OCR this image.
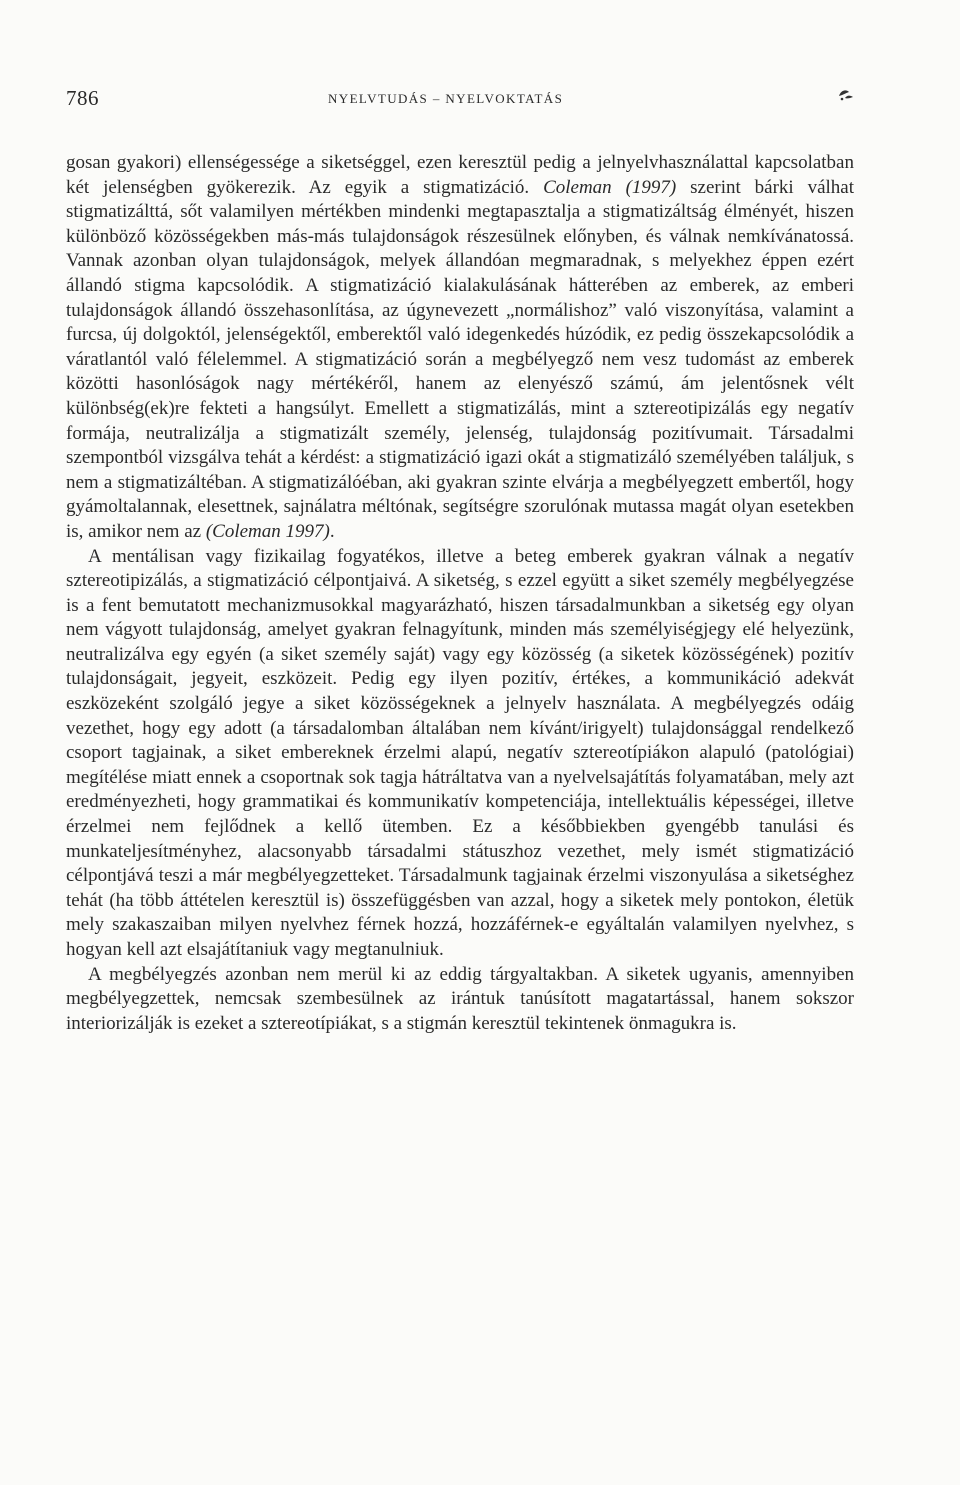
786	NYELVTUDÁS – NYELVOKTATÁS

gosan gyakori) ellenségessége a siketséggel, ezen keresztül pedig a jelnyelvhasználattal kapcsolatban két jelenségben gyökerezik. Az egyik a stigmatizáció. Coleman (1997) szerint bárki válhat stigmatizálttá, sőt valamilyen mértékben mindenki megtapasztalja a stigmatizáltság élményét, hiszen különböző közösségekben más-más tulajdonságok részesülnek előnyben, és válnak nemkívánatossá. Vannak azonban olyan tulajdonságok, melyek állandóan megmaradnak, s melyekhez éppen ezért állandó stigma kapcsolódik. A stigmatizáció kialakulásának hátterében az emberek, az emberi tulajdonságok állandó összehasonlítása, az úgynevezett „normálishoz” való viszonyítása, valamint a furcsa, új dolgoktól, jelenségektől, emberektől való idegenkedés húzódik, ez pedig összekapcsolódik a váratlantól való félelemmel. A stigmatizáció során a megbélyegző nem vesz tudomást az emberek közötti hasonlóságok nagy mértékéről, hanem az elenyésző számú, ám jelentősnek vélt különbség(ek)re fekteti a hangsúlyt. Emellett a stigmatizálás, mint a sztereotipizálás egy negatív formája, neutralizálja a stigmatizált személy, jelenség, tulajdonság pozitívumait. Társadalmi szempontból vizsgálva tehát a kérdést: a stigmatizáció igazi okát a stigmatizáló személyében találjuk, s nem a stigmatizáltéban. A stigmatizálóéban, aki gyakran szinte elvárja a megbélyegzett embertől, hogy gyámoltalannak, elesettnek, sajnálatra méltónak, segítségre szorulónak mutassa magát olyan esetekben is, amikor nem az (Coleman 1997).

A mentálisan vagy fizikailag fogyatékos, illetve a beteg emberek gyakran válnak a negatív sztereotipizálás, a stigmatizáció célpontjaivá. A siketség, s ezzel együtt a siket személy megbélyegzése is a fent bemutatott mechanizmusokkal magyarázható, hiszen társadalmunkban a siketség egy olyan nem vágyott tulajdonság, amelyet gyakran felnagyítunk, minden más személyiségjegy elé helyezünk, neutralizálva egy egyén (a siket személy saját) vagy egy közösség (a siketek közösségének) pozitív tulajdonságait, jegyeit, eszközeit. Pedig egy ilyen pozitív, értékes, a kommunikáció adekvát eszközeként szolgáló jegye a siket közösségeknek a jelnyelv használata. A megbélyegzés odáig vezethet, hogy egy adott (a társadalomban általában nem kívánt/irigyelt) tulajdonsággal rendelkező csoport tagjainak, a siket embereknek érzelmi alapú, negatív sztereotípiákon alapuló (patológiai) megítélése miatt ennek a csoportnak sok tagja hátráltatva van a nyelvelsajátítás folyamatában, mely azt eredményezheti, hogy grammatikai és kommunikatív kompetenciája, intellektuális képességei, illetve érzelmei nem fejlődnek a kellő ütemben. Ez a későbbiekben gyengébb tanulási és munkateljesítményhez, alacsonyabb társadalmi státuszhoz vezethet, mely ismét stigmatizáció célpontjává teszi a már megbélyegzetteket. Társadalmunk tagjainak érzelmi viszonyulása a siketséghez tehát (ha több áttételen keresztül is) összefüggésben van azzal, hogy a siketek mely pontokon, életük mely szakaszaiban milyen nyelvhez férnek hozzá, hozzáférnek-e egyáltalán valamilyen nyelvhez, s hogyan kell azt elsajátítaniuk vagy megtanulniuk.

A megbélyegzés azonban nem merül ki az eddig tárgyaltakban. A siketek ugyanis, amennyiben megbélyegzettek, nemcsak szembesülnek az irántuk tanúsított magatartással, hanem sokszor interiorizálják is ezeket a sztereotípiákat, s a stigmán keresztül tekintenek önmagukra is.
